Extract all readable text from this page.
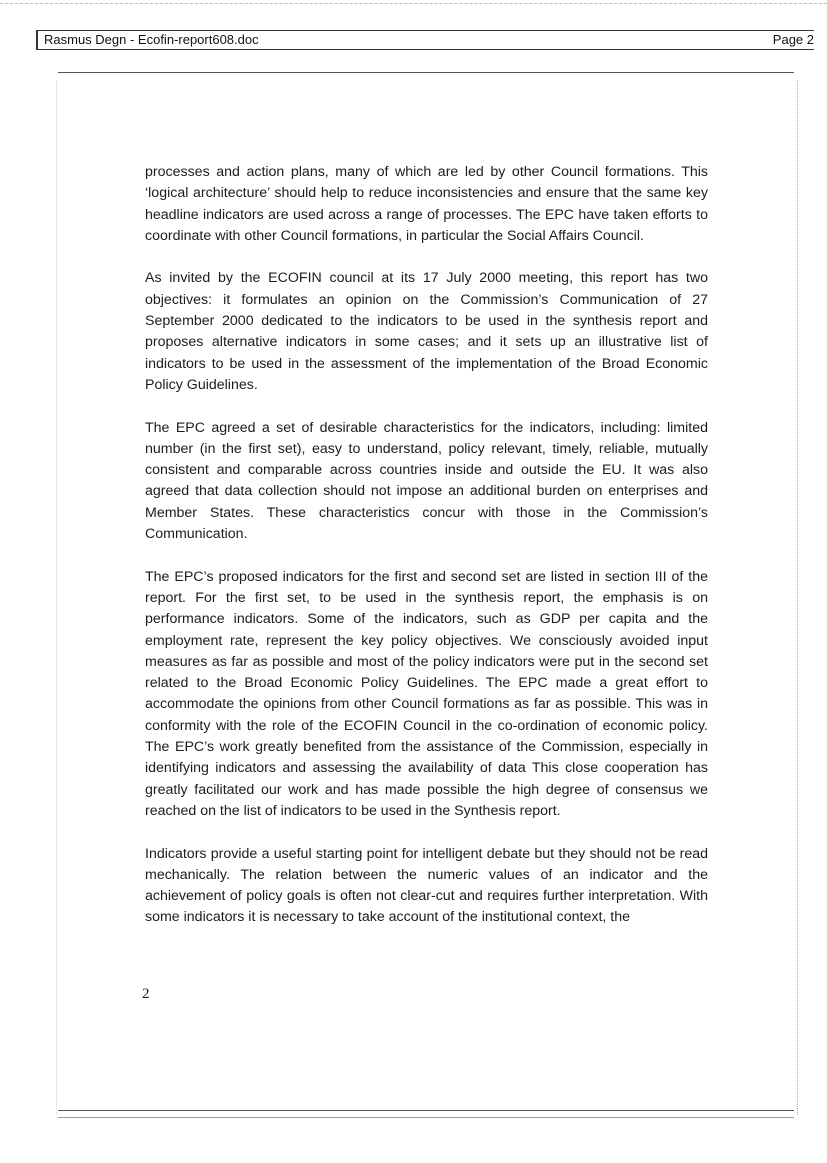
Rasmus Degn - Ecofin-report608.doc	Page 2

processes and action plans, many of which are led by other Council formations. This ‘logical architecture’ should help to reduce inconsistencies and ensure that the same key headline indicators are used across a range of processes. The EPC have taken efforts to coordinate with other Council formations, in particular the Social Affairs Council.

As invited by the ECOFIN council at its 17 July 2000 meeting, this report has two objectives: it formulates an opinion on the Commission’s Communication of 27 September 2000 dedicated to the indicators to be used in the synthesis report and proposes alternative indicators in some cases; and it sets up an illustrative list of indicators to be used in the assessment of the implementation of the Broad Economic Policy Guidelines.

The EPC agreed a set of desirable characteristics for the indicators, including: limited number (in the first set), easy to understand, policy relevant, timely, reliable, mutually consistent and comparable across countries inside and outside the EU. It was also agreed that data collection should not impose an additional burden on enterprises and Member States. These characteristics concur with those in the Commission’s Communication.

The EPC’s proposed indicators for the first and second set are listed in section III of the report. For the first set, to be used in the synthesis report, the emphasis is on performance indicators. Some of the indicators, such as GDP per capita and the employment rate, represent the key policy objectives. We consciously avoided input measures as far as possible and most of the policy indicators were put in the second set related to the Broad Economic Policy Guidelines. The EPC made a great effort to accommodate the opinions from other Council formations as far as possible. This was in conformity with the role of the ECOFIN Council in the co-ordination of economic policy. The EPC’s work greatly benefited from the assistance of the Commission, especially in identifying indicators and assessing the availability of data This close cooperation has greatly facilitated our work and has made possible the high degree of consensus we reached on the list of indicators to be used in the Synthesis report.

Indicators provide a useful starting point for intelligent debate but they should not be read mechanically. The relation between the numeric values of an indicator and the achievement of policy goals is often not clear-cut and requires further interpretation. With some indicators it is necessary to take account of the institutional context, the

2
